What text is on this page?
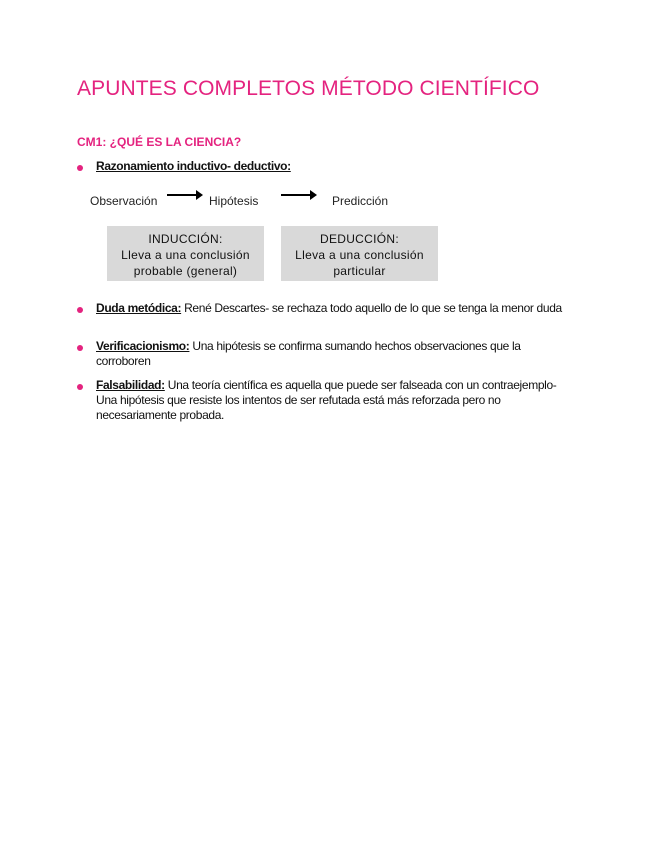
APUNTES COMPLETOS MÉTODO CIENTÍFICO
CM1: ¿QUÉ ES LA CIENCIA?
Razonamiento inductivo- deductivo:
Observación	Hipótesis	Predicción
INDUCCIÓN:
Lleva a una conclusión probable (general)
DEDUCCIÓN:
Lleva a una conclusión particular
Duda metódica: René Descartes- se rechaza todo aquello de lo que se tenga la menor duda
Verificacionismo: Una hipótesis se confirma sumando hechos observaciones que la corroboren
Falsabilidad: Una teoría científica es aquella que puede ser falseada con un contraejemplo- Una hipótesis que resiste los intentos de ser refutada está más reforzada pero no necesariamente probada.
